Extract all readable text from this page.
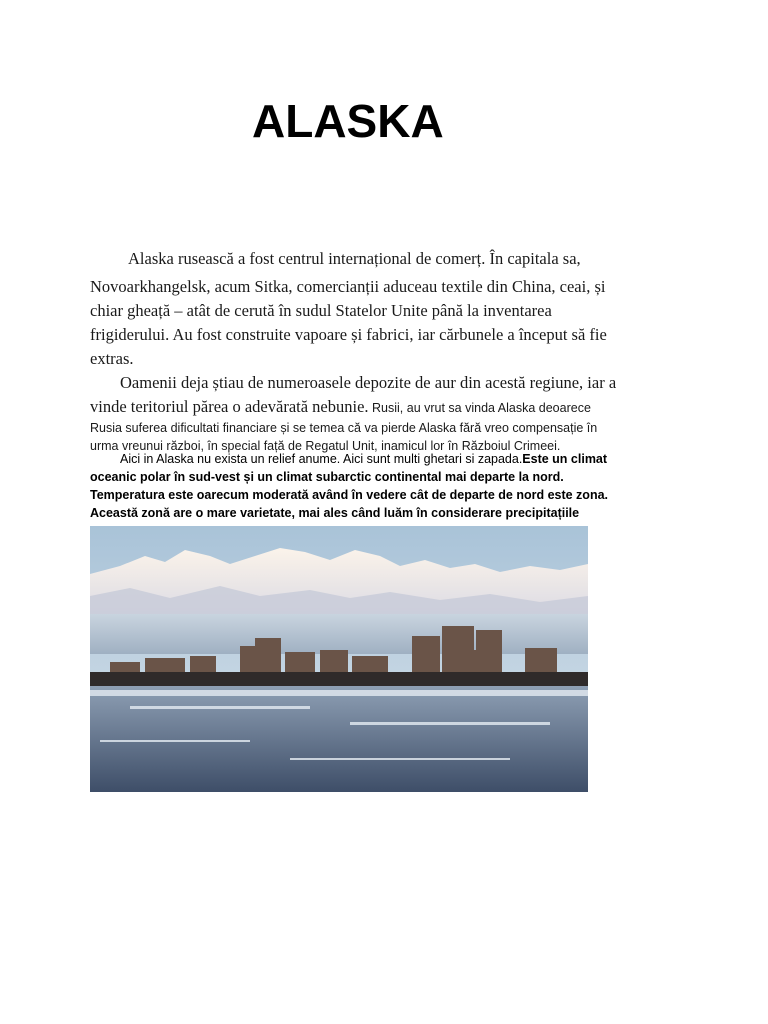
ALASKA

Alaska rusească a fost centrul internațional de comerț. În capitala sa,
Novoarkhangelsk, acum Sitka, comercianții aduceau textile din China, ceai, și
chiar gheață – atât de cerută în sudul Statelor Unite până la inventarea
frigiderului. Au fost construite vapoare și fabrici, iar cărbunele a început să fie
extras.

Oamenii deja știau de numeroasele depozite de aur din acestă regiune, iar a
vinde teritoriul părea o adevărată nebunie. Rusii, au vrut sa vinda Alaska deoarece
Rusia suferea dificultati financiare și se temea că va pierde Alaska fără vreo compensație în
urma vreunui război, în special față de Regatul Unit, inamicul lor în Războiul Crimeei.

Aici in Alaska nu exista un relief anume. Aici sunt multi ghetari si zapada.Este un climat
oceanic polar în sud-vest și un climat subarctic continental mai departe la nord.
Temperatura este oarecum moderată având în vedere cât de departe de nord este zona.
Această zonă are o mare varietate, mai ales când luăm în considerare precipitațiile
